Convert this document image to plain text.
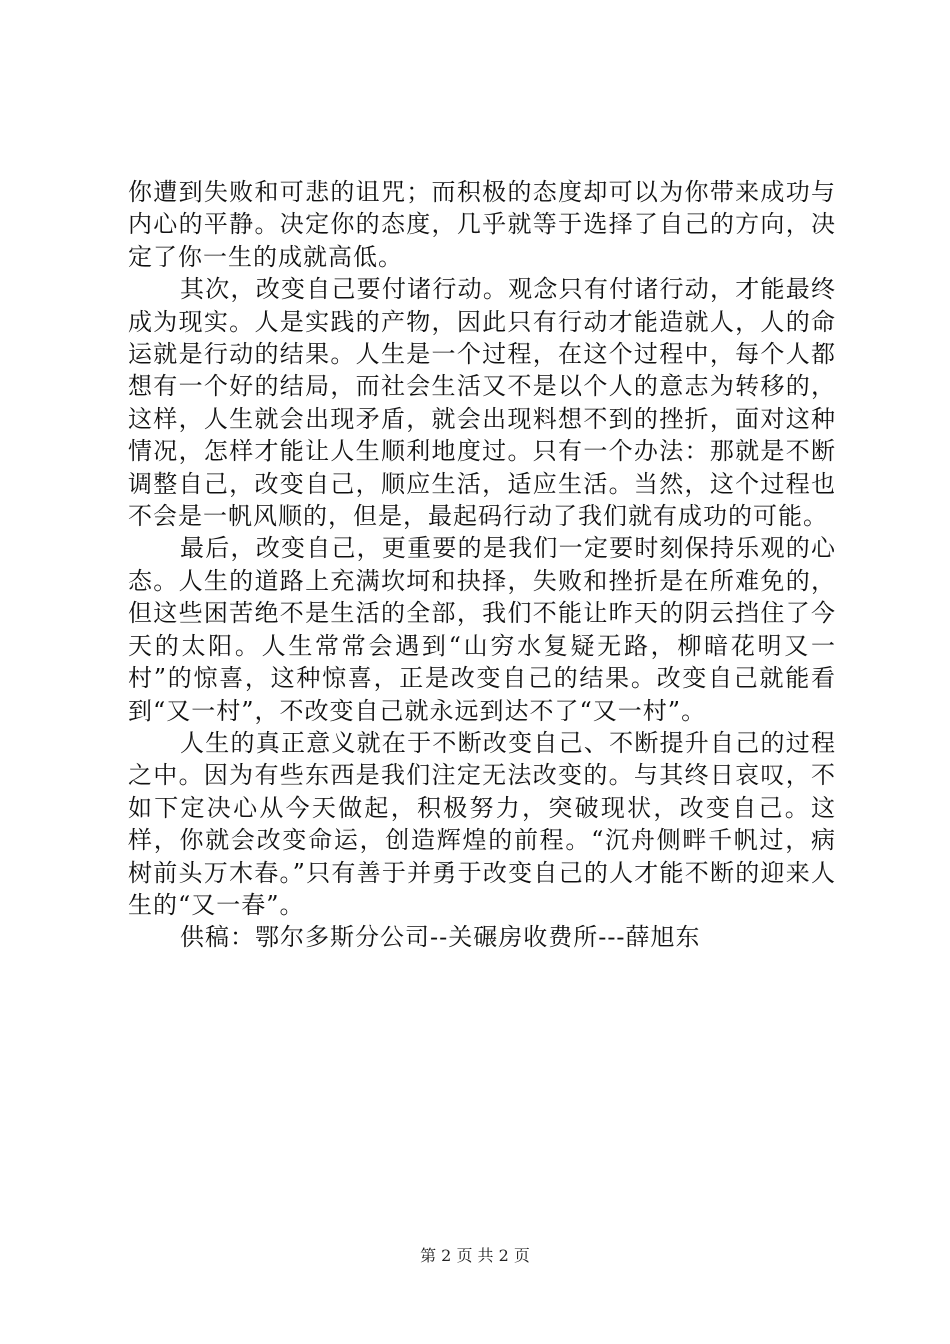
你遭到失败和可悲的诅咒；而积极的态度却可以为你带来成功与内心的平静。决定你的态度，几乎就等于选择了自己的方向，决定了你一生的成就高低。

其次，改变自己要付诸行动。观念只有付诸行动，才能最终成为现实。人是实践的产物，因此只有行动才能造就人，人的命运就是行动的结果。人生是一个过程，在这个过程中，每个人都想有一个好的结局，而社会生活又不是以个人的意志为转移的，这样，人生就会出现矛盾，就会出现料想不到的挫折，面对这种情况，怎样才能让人生顺利地度过。只有一个办法：那就是不断调整自己，改变自己，顺应生活，适应生活。当然，这个过程也不会是一帆风顺的，但是，最起码行动了我们就有成功的可能。

最后，改变自己，更重要的是我们一定要时刻保持乐观的心态。人生的道路上充满坎坷和抉择，失败和挫折是在所难免的，但这些困苦绝不是生活的全部，我们不能让昨天的阴云挡住了今天的太阳。人生常常会遇到“山穷水复疑无路，柳暗花明又一村”的惊喜，这种惊喜，正是改变自己的结果。改变自己就能看到“又一村”，不改变自己就永远到达不了“又一村”。

人生的真正意义就在于不断改变自己、不断提升自己的过程之中。因为有些东西是我们注定无法改变的。与其终日哀叹，不如下定决心从今天做起，积极努力，突破现状，改变自己。这样，你就会改变命运，创造辉煌的前程。“沉舟侧畔千帆过，病树前头万木春。”只有善于并勇于改变自己的人才能不断的迎来人生的“又一春”。

供稿：鄂尔多斯分公司--关碾房收费所---薛旭东

第 2 页 共 2 页
